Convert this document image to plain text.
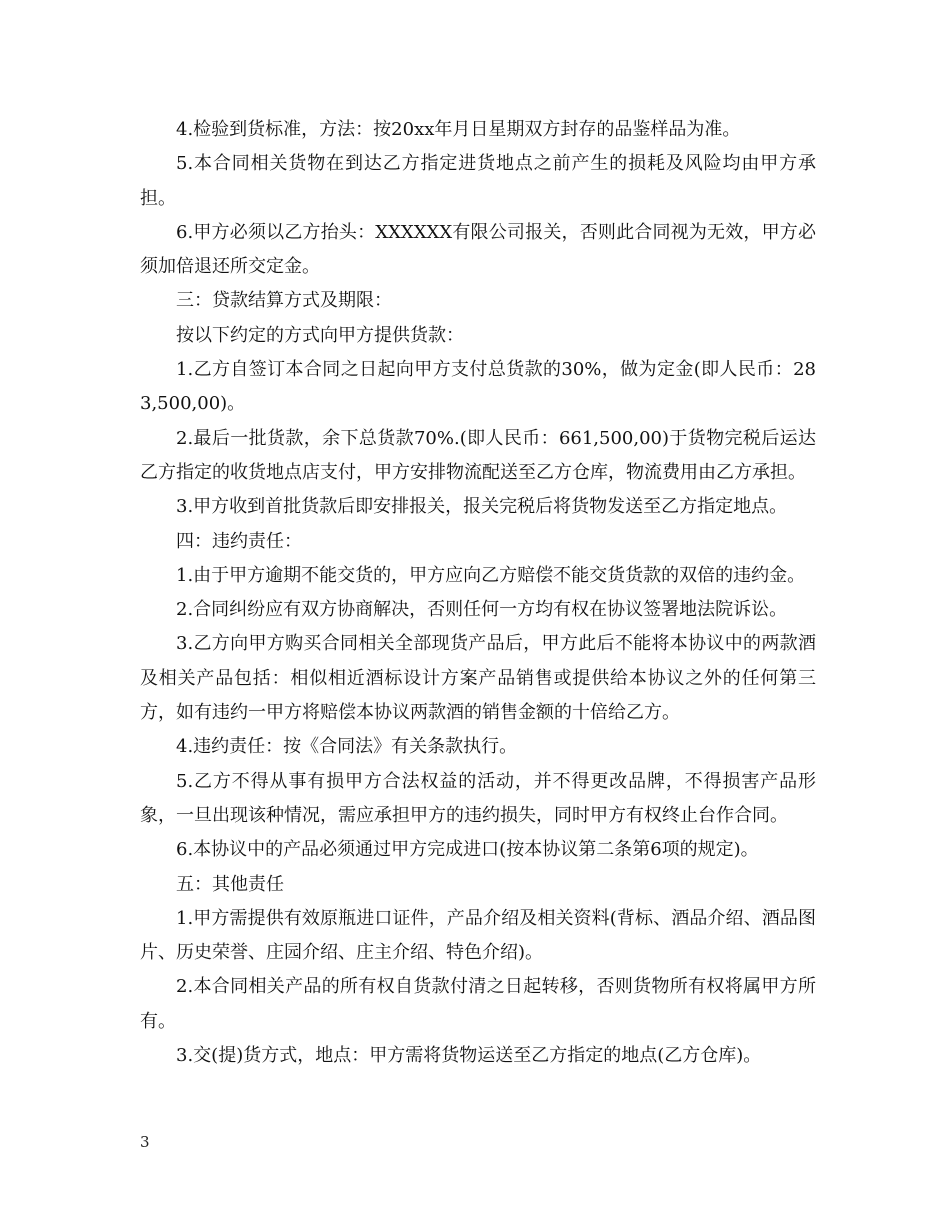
4.检验到货标准，方法：按20xx年月日星期双方封存的品鉴样品为准。

5.本合同相关货物在到达乙方指定进货地点之前产生的损耗及风险均由甲方承担。

6.甲方必须以乙方抬头：XXXXXX有限公司报关，否则此合同视为无效，甲方必须加倍退还所交定金。

三：贷款结算方式及期限：

按以下约定的方式向甲方提供货款：

1.乙方自签订本合同之日起向甲方支付总货款的30%，做为定金(即人民币：283,500,00)。

2.最后一批货款，余下总货款70%.(即人民币：661,500,00)于货物完税后运达乙方指定的收货地点店支付，甲方安排物流配送至乙方仓库，物流费用由乙方承担。

3.甲方收到首批货款后即安排报关，报关完税后将货物发送至乙方指定地点。

四：违约责任：

1.由于甲方逾期不能交货的，甲方应向乙方赔偿不能交货货款的双倍的违约金。

2.合同纠纷应有双方协商解决，否则任何一方均有权在协议签署地法院诉讼。

3.乙方向甲方购买合同相关全部现货产品后，甲方此后不能将本协议中的两款酒及相关产品包括：相似相近酒标设计方案产品销售或提供给本协议之外的任何第三方，如有违约一甲方将赔偿本协议两款酒的销售金额的十倍给乙方。

4.违约责任：按《合同法》有关条款执行。

5.乙方不得从事有损甲方合法权益的活动，并不得更改品牌，不得损害产品形象，一旦出现该种情况，需应承担甲方的违约损失，同时甲方有权终止台作合同。

6.本协议中的产品必须通过甲方完成进口(按本协议第二条第6项的规定)。

五：其他责任

1.甲方需提供有效原瓶进口证件，产品介绍及相关资料(背标、酒品介绍、酒品图片、历史荣誉、庄园介绍、庄主介绍、特色介绍)。

2.本合同相关产品的所有权自货款付清之日起转移，否则货物所有权将属甲方所有。

3.交(提)货方式，地点：甲方需将货物运送至乙方指定的地点(乙方仓库)。

3
